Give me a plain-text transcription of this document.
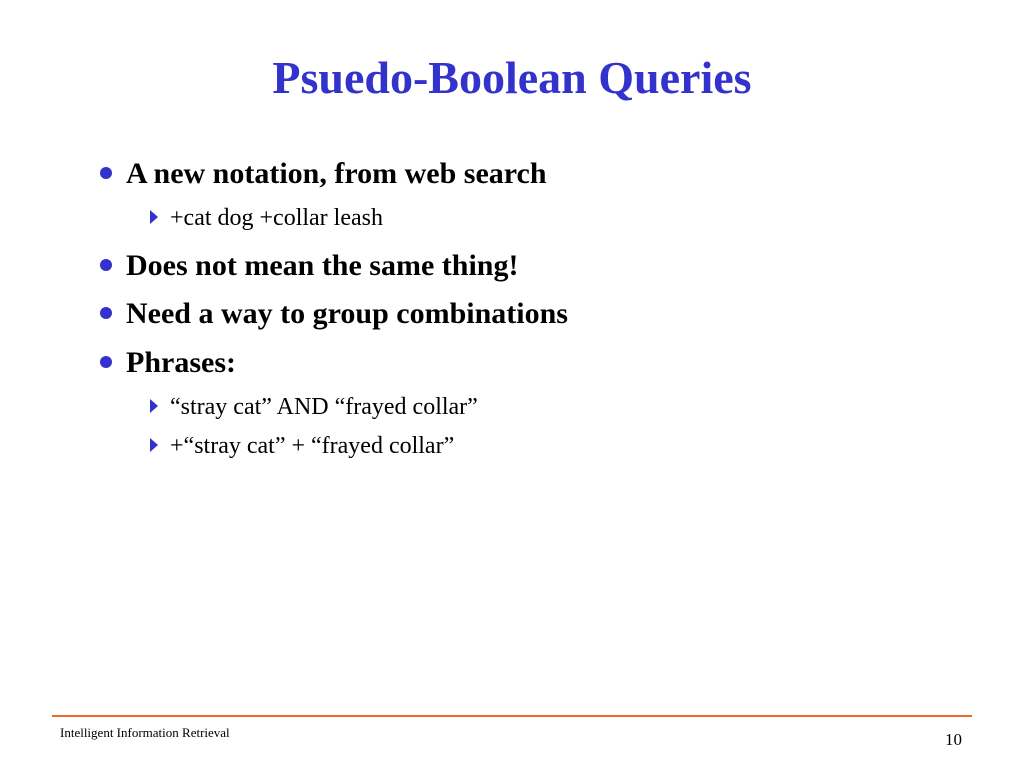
Psuedo-Boolean Queries
A new notation, from web search
+cat dog +collar leash
Does not mean the same thing!
Need a way to group combinations
Phrases:
“stray cat” AND “frayed collar”
+“stray cat” + “frayed collar”
Intelligent Information Retrieval	10
